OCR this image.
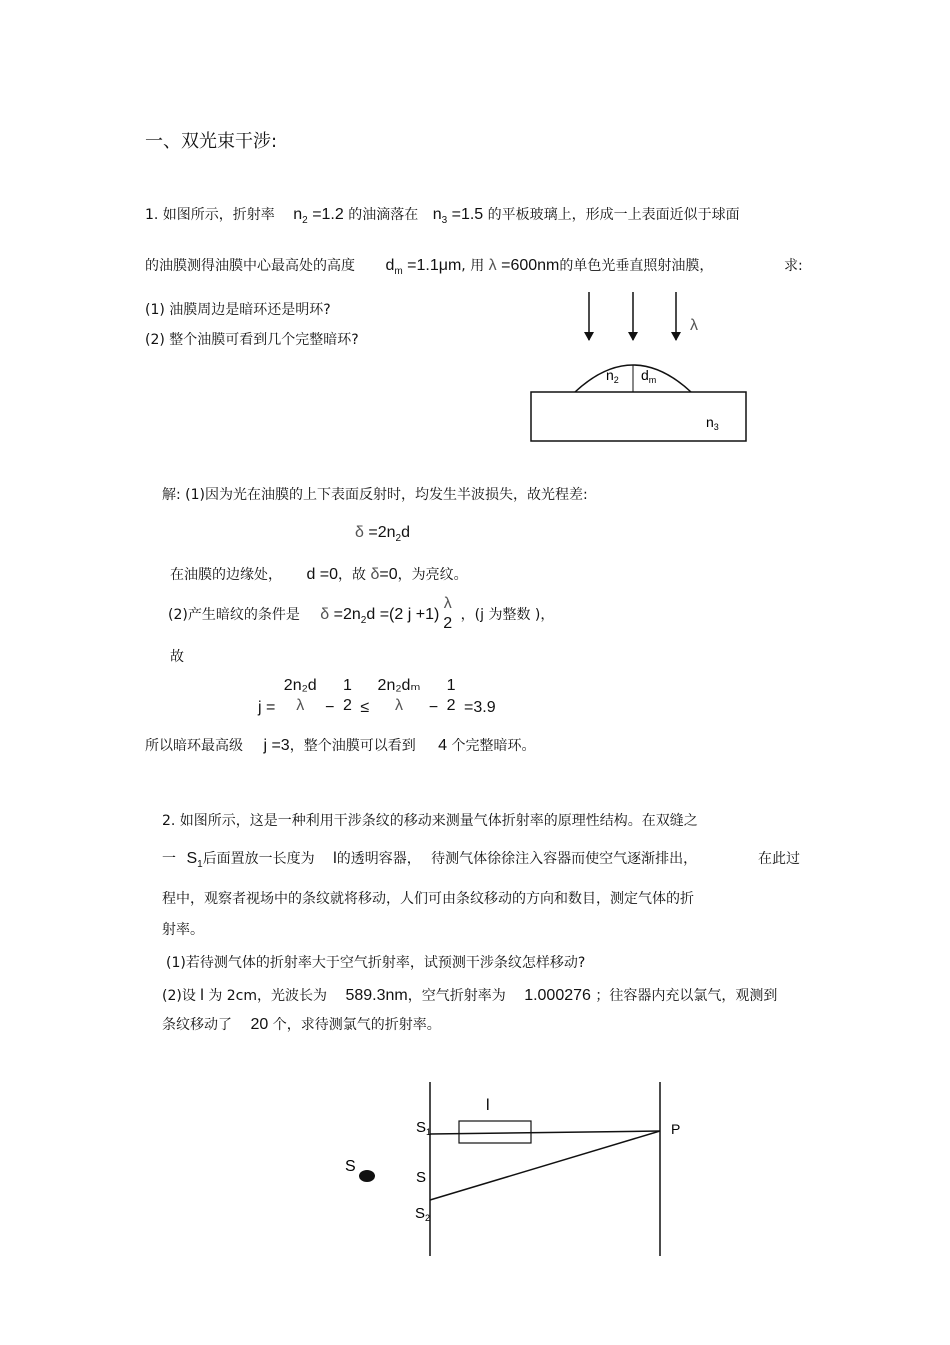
一、双光束干涉:
1. 如图所示，折射率 $n_2 =1.2$ 的油滴落在 $n_3 =1.5$ 的平板玻璃上，形成一上表面近似于球面
的油膜测得油膜中心最高处的高度 $d_m =1.1\mu m$, 用 λ =600nm的单色光垂直照射油膜，	求:
(1) 油膜周边是暗环还是明环?
(2) 整个油膜可看到几个完整暗环?
λ
$n_2$ $d_m$
$n_3$
l
P
S
$S_1$
S
$S_2$
解: (1)因为光在油膜的上下表面反射时，均发生半波损失，故光程差:
$\delta =2n_2d$
在油膜的边缘处， d =0，故 δ=0，为亮纹。
(2)产生暗纹的条件是 $\delta =2n_2d =(2$ j +1)
λ
2 ，(j 为整数 )，
故
j =
2n₂d
λ	−
1
2 ≤
2n₂dₘ
λ	−
1
2 =3.9
所以暗环最高级 j =3，整个油膜可以看到 4 个完整暗环。
2. 如图所示，这是一种利用干涉条纹的移动来测量气体折射率的原理性结构。在双缝之
一 $S_1$后面置放一长度为 l的透明容器， 待测气体徐徐注入容器而使空气逐渐排出，	在此过
程中，观察者视场中的条纹就将移动，人们可由条纹移动的方向和数目，测定气体的折
射率。
(1)若待测气体的折射率大于空气折射率，试预测干涉条纹怎样移动?
(2)设 l 为 2cm，光波长为 589.3nm，空气折射率为 1.000276 ；往容器内充以氯气，观测到
条纹移动了 20 个，求待测氯气的折射率。
